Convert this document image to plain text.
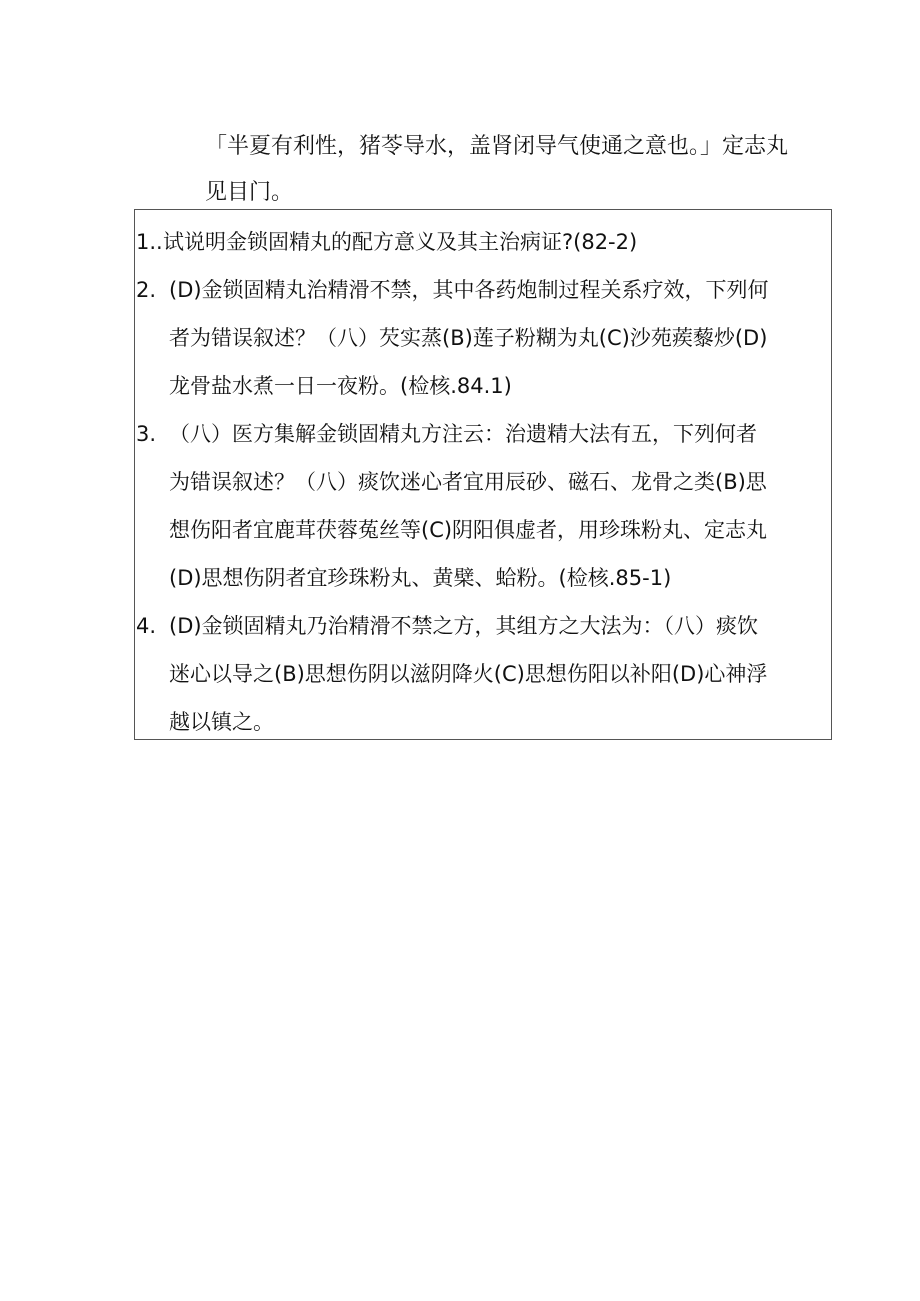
「半夏有利性，猪苓导水，盖肾闭导气使通之意也。」定志丸
见目门。
1.. 试说明金锁固精丸的配方意义及其主治病证?(82-2)
2. (D)金锁固精丸治精滑不禁，其中各药炮制过程关系疗效，下列何
者为错误叙述？（八）芡实蒸(B)莲子粉糊为丸(C)沙苑蒺藜炒(D)
龙骨盐水煮一日一夜粉。(检核.84.1)
3. （八）医方集解金锁固精丸方注云：治遗精大法有五，下列何者
为错误叙述？（八）痰饮迷心者宜用辰砂、磁石、龙骨之类(B)思
想伤阳者宜鹿茸茯蓉菟丝等(C)阴阳俱虚者，用珍珠粉丸、定志丸
(D)思想伤阴者宜珍珠粉丸、黄檗、蛤粉。(检核.85-1)
4. (D)金锁固精丸乃治精滑不禁之方，其组方之大法为：（八）痰饮
迷心以导之(B)思想伤阴以滋阴降火(C)思想伤阳以补阳(D)心神浮
越以镇之。
